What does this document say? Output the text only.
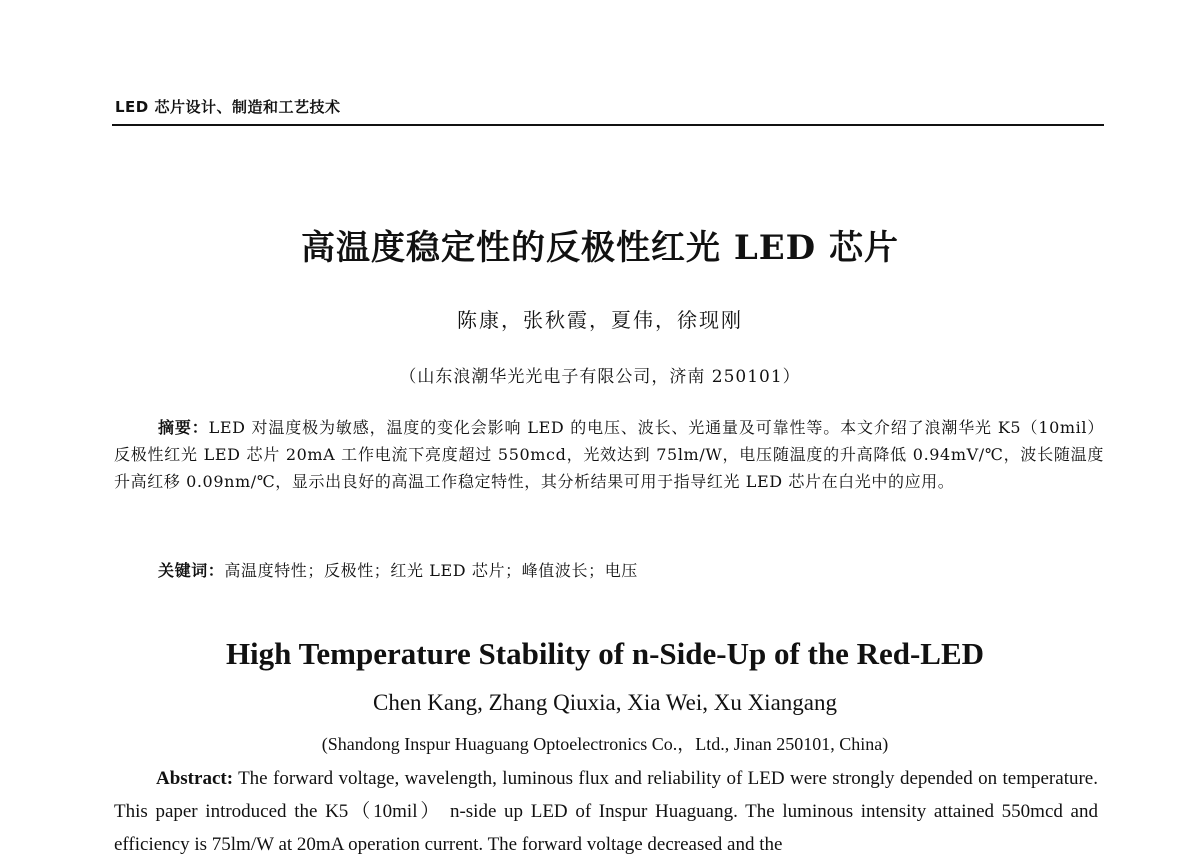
LED 芯片设计、制造和工艺技术
高温度稳定性的反极性红光 LED 芯片
陈康，张秋霞，夏伟，徐现刚
（山东浪潮华光光电子有限公司，济南 250101）
摘要：LED 对温度极为敏感，温度的变化会影响 LED 的电压、波长、光通量及可靠性等。本文介绍了浪潮华光 K5（10mil）反极性红光 LED 芯片 20mA 工作电流下亮度超过 550mcd，光效达到 75lm/W，电压随温度的升高降低 0.94mV/℃，波长随温度升高红移 0.09nm/℃，显示出良好的高温工作稳定特性，其分析结果可用于指导红光 LED 芯片在白光中的应用。
关键词：高温度特性；反极性；红光 LED 芯片；峰值波长；电压
High Temperature Stability of n-Side-Up of the Red-LED
Chen Kang, Zhang Qiuxia, Xia Wei, Xu Xiangang
(Shandong Inspur Huaguang Optoelectronics Co.，Ltd., Jinan 250101, China)
Abstract: The forward voltage, wavelength, luminous flux and reliability of LED were strongly depended on temperature. This paper introduced the K5（10mil） n-side up LED of Inspur Huaguang. The luminous intensity attained 550mcd and efficiency is 75lm/W at 20mA operation current. The forward voltage decreased and the
